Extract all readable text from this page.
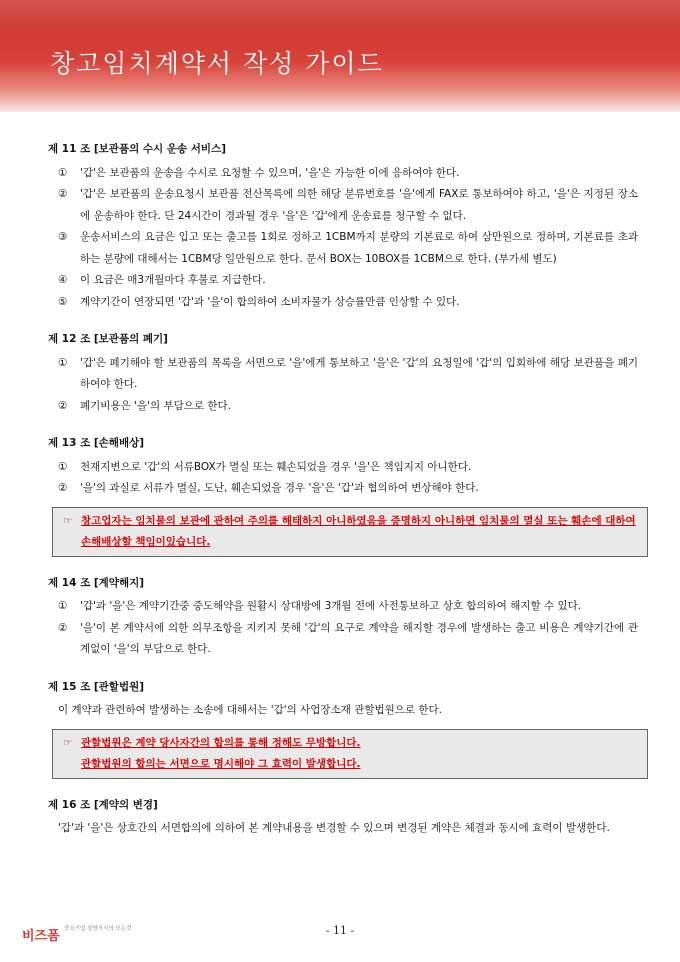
창고임치계약서 작성 가이드
제 11 조 [보관품의 수시 운송 서비스]
①	'갑'은 보관품의 운송을 수시로 요청할 수 있으며, '을'은 가능한 이에 응하여야 한다.
②	'갑'은 보관품의 운송요청시 보관품 전산목록에 의한 해당 분류번호를 '을'에게 FAX로 통보하여야 하고, '을'은 지정된 장소에 운송하야 한다. 단 24시간이 경과될 경우 '을'은 '갑'에게 운송료를 청구할 수 없다.
③	운송서비스의 요금은 입고 또는 출고를 1회로 정하고 1CBM까지 분량의 기본료로 하여 삼만원으로 정하며, 기본료를 초과하는 분량에 대해서는 1CBM당 일만원으로 한다. 문서 BOX는 10BOX를 1CBM으로 한다. (부가세 별도)
④	이 요금은 매3개월마다 후불로 지급한다.
⑤	계약기간이 연장되면 '갑'과 '을'이 합의하여 소비자물가 상승률만큼 인상할 수 있다.
제 12 조 [보관품의 폐기]
①	'갑'은 폐기해야 할 보관품의 목록을 서면으로 '을'에게 통보하고 '을'은 '갑'의 요청일에 '갑'의 입회하에 해당 보관품을 폐기하여야 한다.
②	폐기비용은 '을'의 부담으로 한다.
제 13 조 [손해배상]
①	천재지변으로 '갑'의 서류BOX가 멸실 또는 훼손되었을 경우 '을'은 책임지지 아니한다.
②	'을'의 과실로 서류가 멸실, 도난, 훼손되었을 경우 '을'은 '갑'과 협의하여 변상해야 한다.
☞ 창고업자는 임치물의 보관에 관하여 주의를 해태하지 아니하였음을 증명하지 아니하면 임치물의 멸실 또는 훼손에 대하여 손해배상할 책임이있습니다.
제 14 조 [계약해지]
①	'갑'과 '을'은 계약기간중 중도해약을 원활시 상대방에 3개월 전에 사전통보하고 상호 합의하여 해지할 수 있다.
②	'을'이 본 계약서에 의한 의무조항을 지키지 못해 '갑'의 요구로 계약을 해지할 경우에 발생하는 출고 비용은 계약기간에 관계없이 '을'의 부담으로 한다.
제 15 조 [관할법원]
이 계약과 관련하여 발생하는 소송에 대해서는 '갑'의 사업장소재 관할법원으로 한다.
☞ 관할법원은 계약 당사자간의 합의를 통해 정해도 무방합니다.
관할법원의 합의는 서면으로 명시해야 그 효력이 발생합니다.
제 16 조 [계약의 변경]
'갑'과 '을'은 상호간의 서면합의에 의하여 본 계약내용을 변경할 수 있으며 변경된 계약은 체결과 동시에 효력이 발생한다.
비즈폼 중소기업 경영서식의 모든것	- 11 -
